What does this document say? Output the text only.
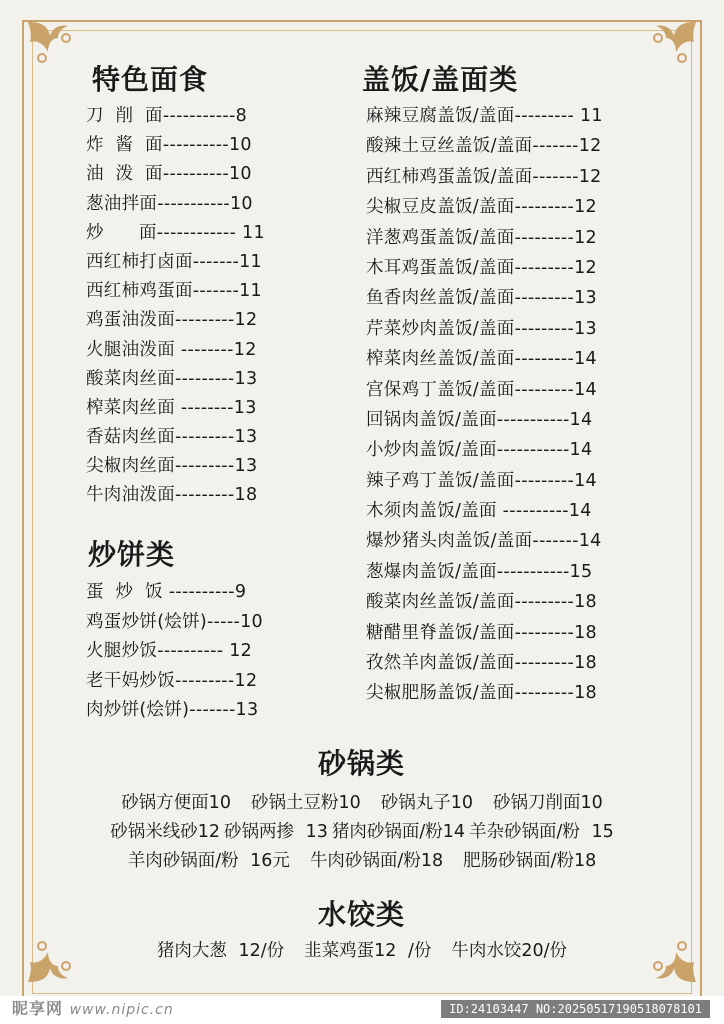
特色面食
刀  削  面-----------8
炸  酱  面----------10
油  泼  面----------10
葱油拌面-----------10
炒      面------------ 11
西红柿打卤面-------11
西红柿鸡蛋面-------11
鸡蛋油泼面---------12
火腿油泼面 --------12
酸菜肉丝面---------13
榨菜肉丝面 --------13
香菇肉丝面---------13
尖椒肉丝面---------13
牛肉油泼面---------18
炒饼类
蛋  炒  饭 ----------9
鸡蛋炒饼(烩饼)-----10
火腿炒饭---------- 12
老干妈炒饭---------12
肉炒饼(烩饼)-------13
盖饭/盖面类
麻辣豆腐盖饭/盖面--------- 11
酸辣土豆丝盖饭/盖面-------12
西红柿鸡蛋盖饭/盖面-------12
尖椒豆皮盖饭/盖面---------12
洋葱鸡蛋盖饭/盖面---------12
木耳鸡蛋盖饭/盖面---------12
鱼香肉丝盖饭/盖面---------13
芹菜炒肉盖饭/盖面---------13
榨菜肉丝盖饭/盖面---------14
宫保鸡丁盖饭/盖面---------14
回锅肉盖饭/盖面-----------14
小炒肉盖饭/盖面-----------14
辣子鸡丁盖饭/盖面---------14
木须肉盖饭/盖面 ----------14
爆炒猪头肉盖饭/盖面-------14
葱爆肉盖饭/盖面-----------15
酸菜肉丝盖饭/盖面---------18
糖醋里脊盖饭/盖面---------18
孜然羊肉盖饭/盖面---------18
尖椒肥肠盖饭/盖面---------18
砂锅类
砂锅方便面10 砂锅土豆粉10 砂锅丸子10 砂锅刀削面10
砂锅米线砂12 砂锅两掺 13 猪肉砂锅面/粉14 羊杂砂锅面/粉 15
羊肉砂锅面/粉 16元 牛肉砂锅面/粉18 肥肠砂锅面/粉18
水饺类
猪肉大葱 12/份 韭菜鸡蛋12 /份 牛肉水饺20/份
昵享网 www.nipic.cn	ID:24103447 NO:20250517190518078101
